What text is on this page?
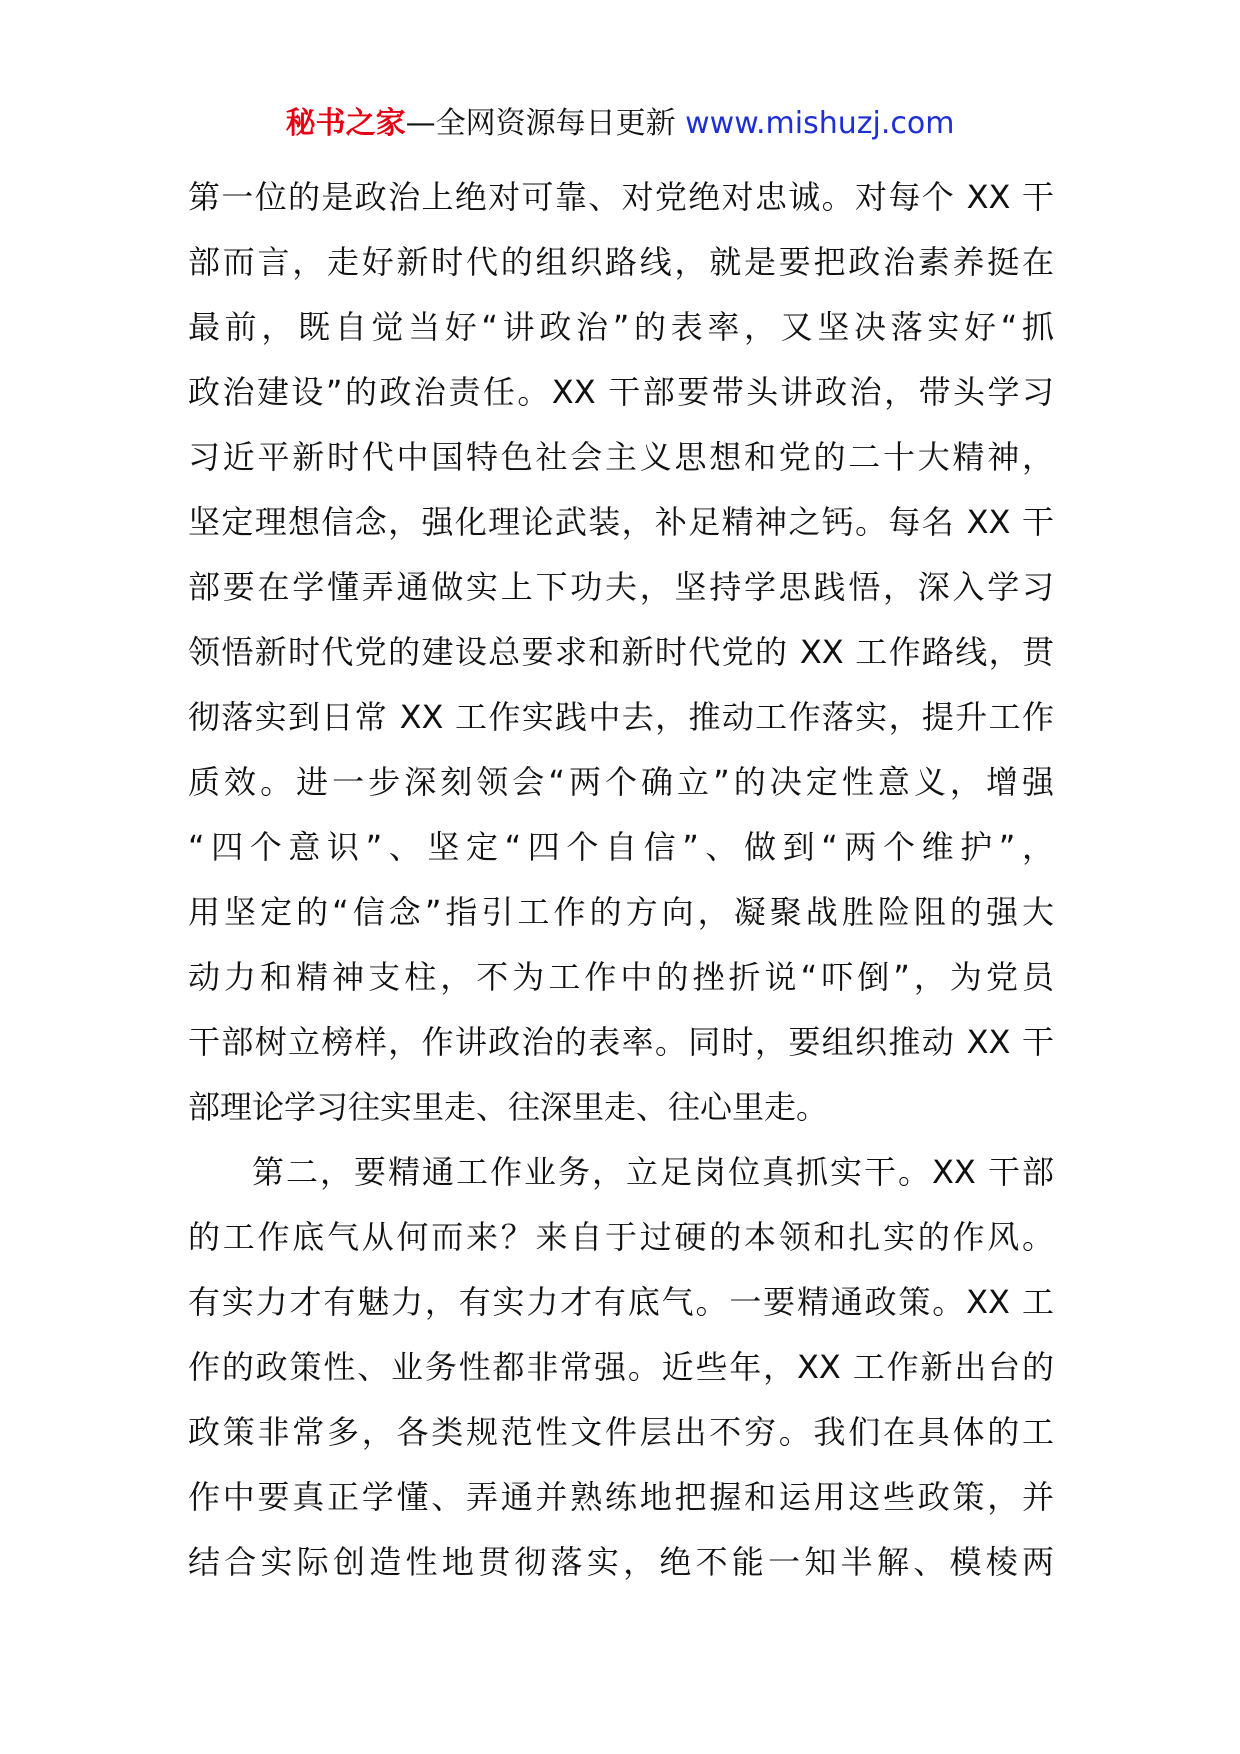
秘书之家—全网资源每日更新 www.mishuzj.com
第一位的是政治上绝对可靠、对党绝对忠诚。对每个 XX 干
部而言，走好新时代的组织路线，就是要把政治素养挺在
最前，既自觉当好“讲政治”的表率，又坚决落实好“抓
政治建设”的政治责任。XX 干部要带头讲政治，带头学习
习近平新时代中国特色社会主义思想和党的二十大精神，
坚定理想信念，强化理论武装，补足精神之钙。每名 XX 干
部要在学懂弄通做实上下功夫，坚持学思践悟，深入学习
领悟新时代党的建设总要求和新时代党的 XX 工作路线，贯
彻落实到日常 XX 工作实践中去，推动工作落实，提升工作
质效。进一步深刻领会“两个确立”的决定性意义，增强
“四个意识”、坚定“四个自信”、做到“两个维护”，
用坚定的“信念”指引工作的方向，凝聚战胜险阻的强大
动力和精神支柱，不为工作中的挫折说“吓倒”，为党员
干部树立榜样，作讲政治的表率。同时，要组织推动 XX 干
部理论学习往实里走、往深里走、往心里走。
第二，要精通工作业务，立足岗位真抓实干。XX 干部
的工作底气从何而来？来自于过硬的本领和扎实的作风。
有实力才有魅力，有实力才有底气。一要精通政策。XX 工
作的政策性、业务性都非常强。近些年，XX 工作新出台的
政策非常多，各类规范性文件层出不穷。我们在具体的工
作中要真正学懂、弄通并熟练地把握和运用这些政策，并
结合实际创造性地贯彻落实，绝不能一知半解、模棱两
